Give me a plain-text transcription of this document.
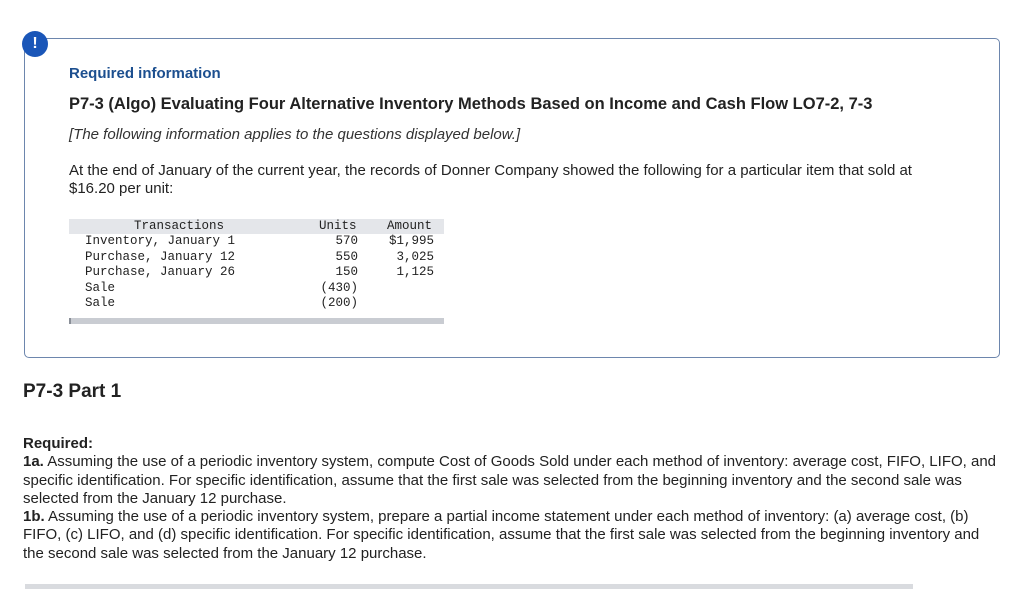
!
Required information
P7-3 (Algo) Evaluating Four Alternative Inventory Methods Based on Income and Cash Flow LO7-2, 7-3
[The following information applies to the questions displayed below.]
At the end of January of the current year, the records of Donner Company showed the following for a particular item that sold at $16.20 per unit:
Transactions	Units Amount
Inventory, January 1	570 $1,995
Purchase, January 12	550	3,025
Purchase, January 26	150	1,125
Sale	(430)
Sale	(200)
P7-3 Part 1

Required:

1a. Assuming the use of a periodic inventory system, compute Cost of Goods Sold under each method of inventory: average cost, FIFO, LIFO, and specific identification. For specific identification, assume that the first sale was selected from the beginning inventory and the second sale was selected from the January 12 purchase.

1b. Assuming the use of a periodic inventory system, prepare a partial income statement under each method of inventory: (a) average cost, (b) FIFO, (c) LIFO, and (d) specific identification. For specific identification, assume that the first sale was selected from the beginning inventory and the second sale was selected from the January 12 purchase.
